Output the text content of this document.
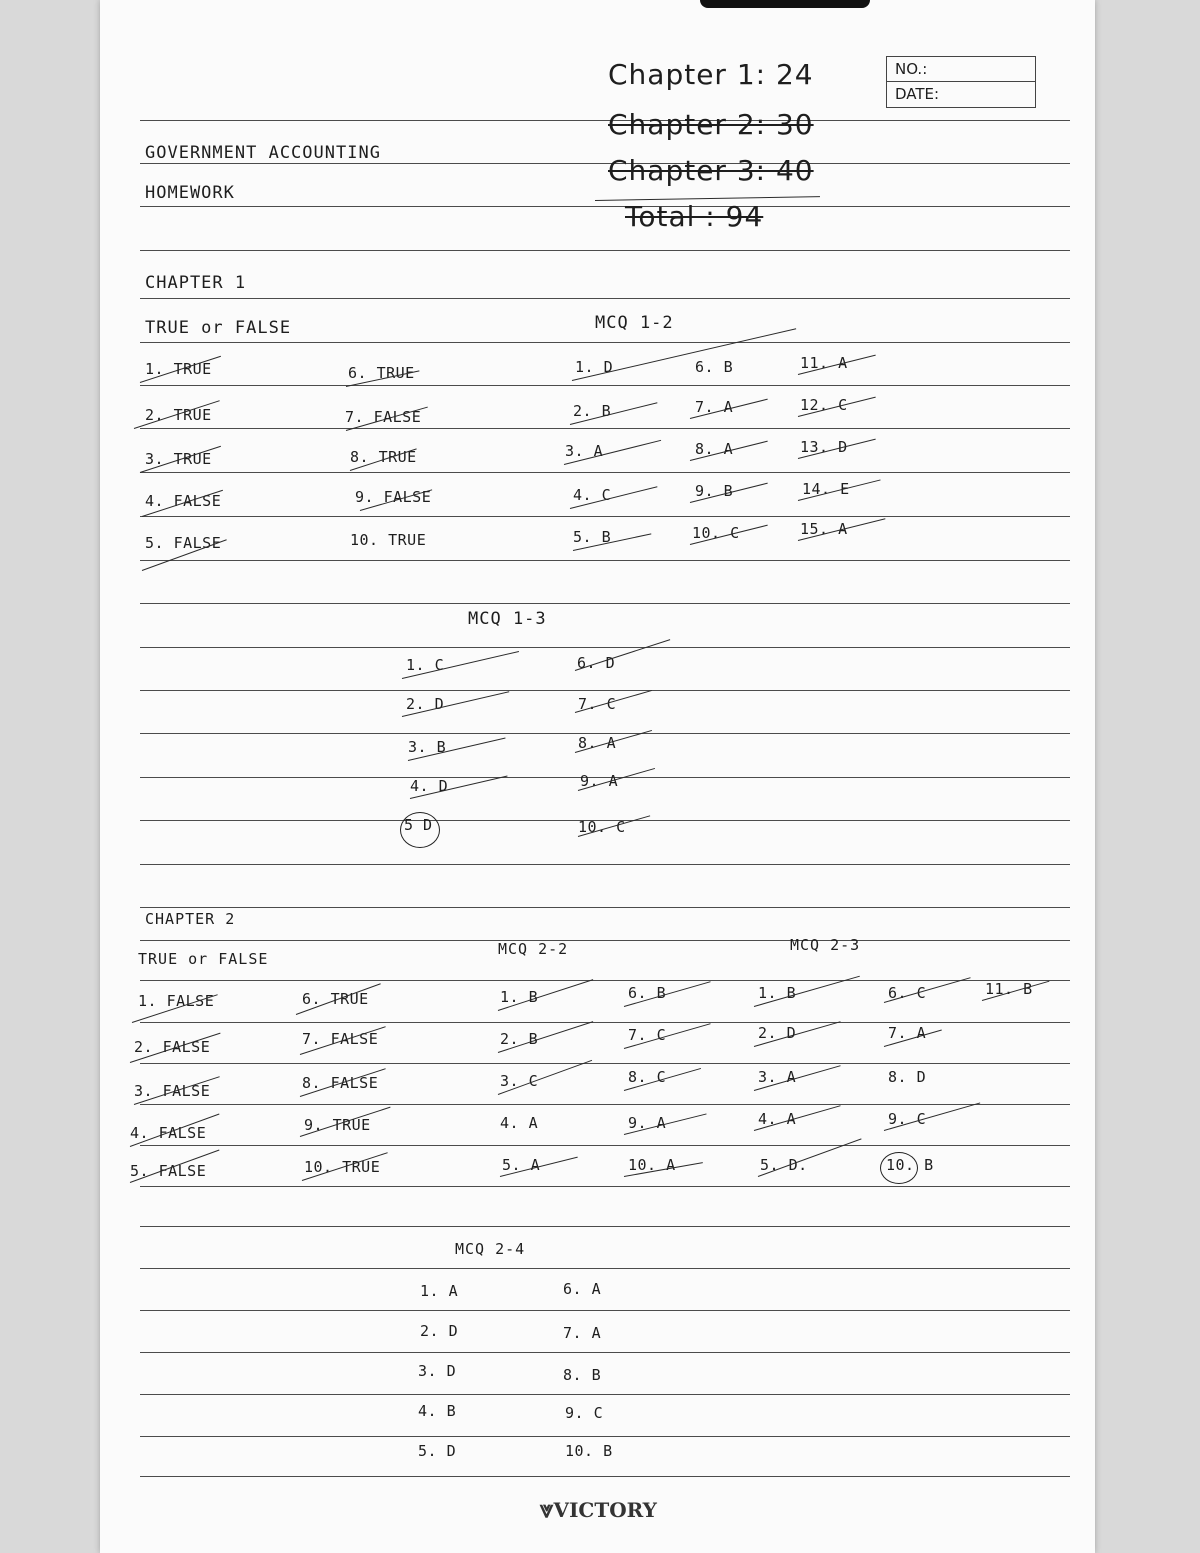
NO.:
DATE:
Chapter 1: 24
Chapter 2: 30
Chapter 3: 40
Total : 94
GOVERNMENT ACCOUNTING
HOMEWORK
CHAPTER 1
TRUE or FALSE	MCQ 1-2
1. TRUE
2. TRUE
3. TRUE
4. FALSE
5. FALSE
6. TRUE
7. FALSE
8. TRUE
9. FALSE
10. TRUE
1. D
2. B
3. A
4. C
5. B
6. B
7. A
8. A
9. B
10. C
11. A
12. C
13. D
14. E
15. A
MCQ 1-3
1. C
2. D
3. B
4. D
5 D
6. D
7. C
8. A
9. A
10. C
CHAPTER 2
TRUE or FALSE
MCQ 2-2	MCQ 2-3
1. FALSE
2. FALSE
3. FALSE
4. FALSE
5. FALSE
6. TRUE
7. FALSE
8. FALSE
9. TRUE
10. TRUE
1. B
2. B
3. C
4. A
5. A
6. B
7. C
8. C
9. A
10. A
1. B
2. D
3. A
4. A
5. D.
6. C
7. A
8. D
9. C
10. B
11. B
MCQ 2-4
1. A
2. D
3. D
4. B
5. D
6. A
7. A
8. B
9. C
10. B
⩔VICTORY
